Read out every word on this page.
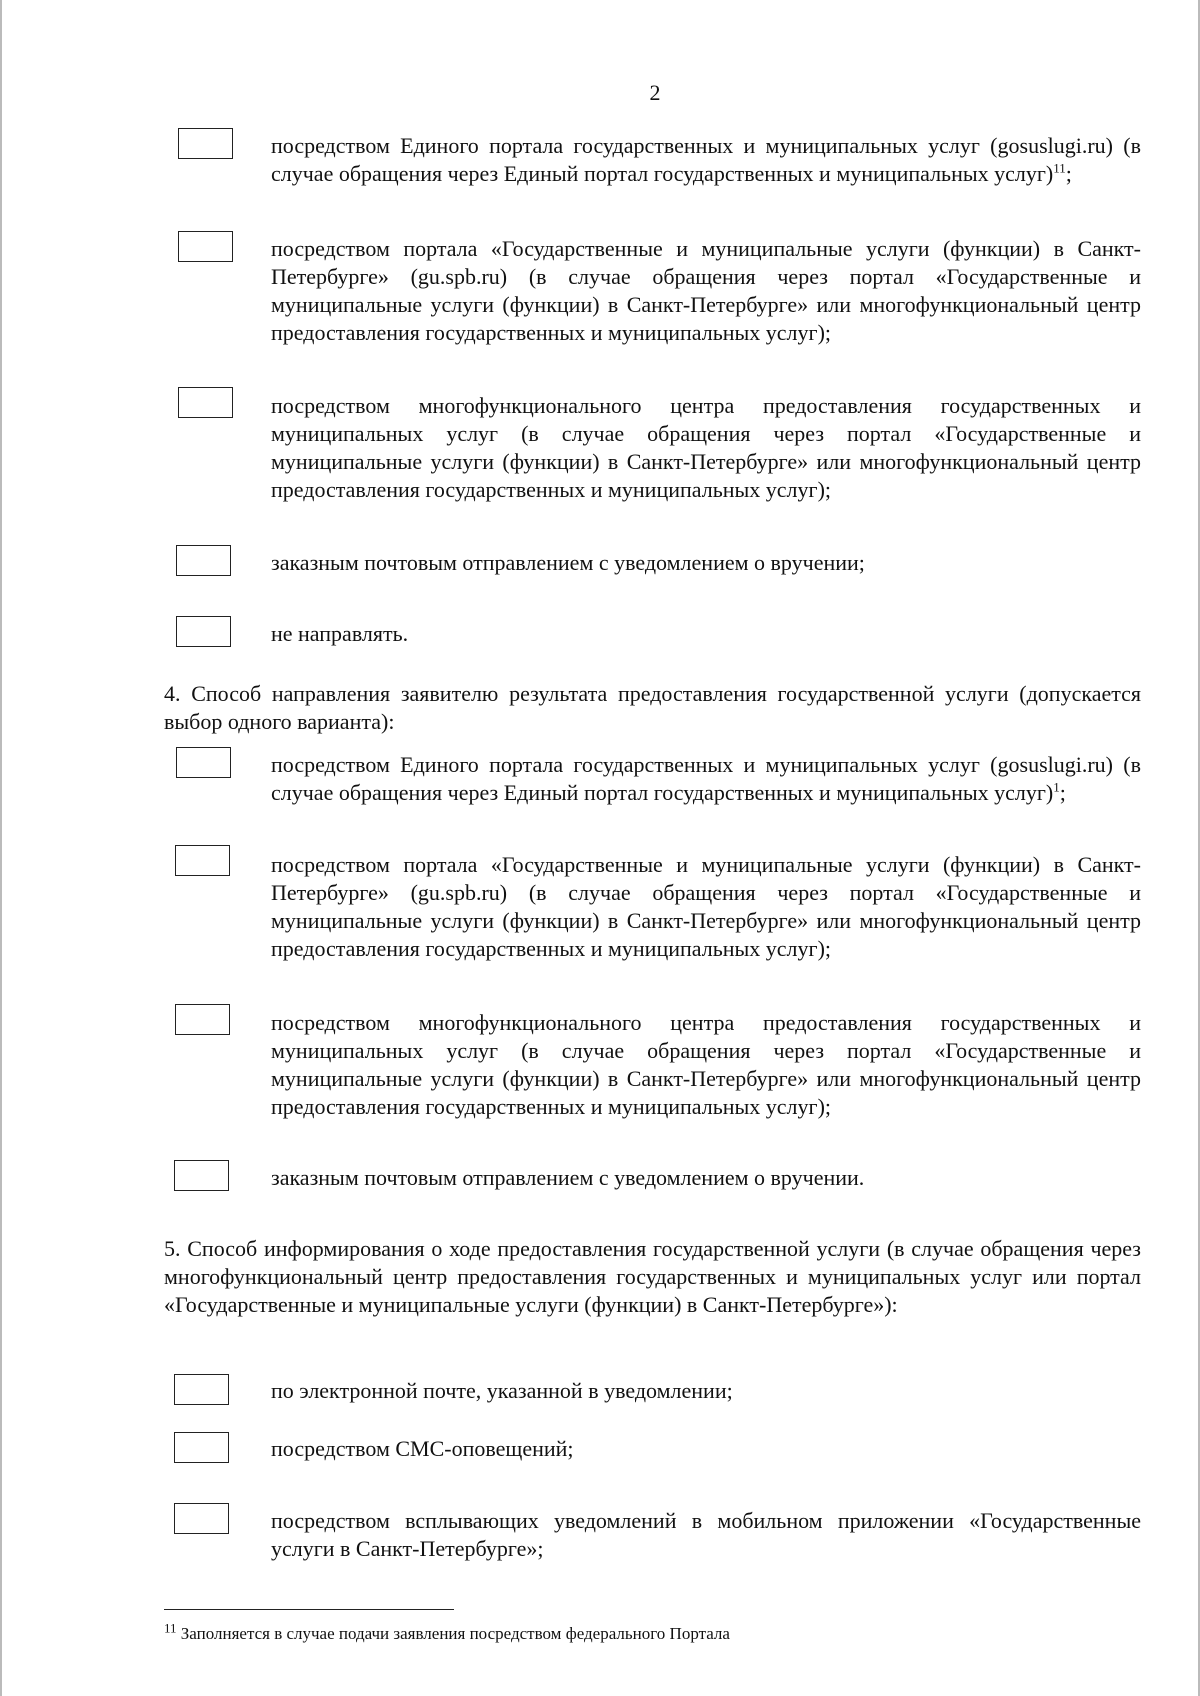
2
посредством Единого портала государственных и муниципальных услуг (gosuslugi.ru) (в случае обращения через Единый портал государственных и муниципальных услуг)$^{11}$;
посредством портала «Государственные и муниципальные услуги (функции) в Санкт-Петербурге» (gu.spb.ru) (в случае обращения через портал «Государственные и муниципальные услуги (функции) в Санкт-Петербурге» или многофункциональный центр предоставления государственных и муниципальных услуг);
посредством многофункционального центра предоставления государственных и муниципальных услуг (в случае обращения через портал «Государственные и муниципальные услуги (функции) в Санкт-Петербурге» или многофункциональный центр предоставления государственных и муниципальных услуг);
заказным почтовым отправлением с уведомлением о вручении;
не направлять.
4. Способ направления заявителю результата предоставления государственной услуги (допускается выбор одного варианта):
посредством Единого портала государственных и муниципальных услуг (gosuslugi.ru) (в случае обращения через Единый портал государственных и муниципальных услуг)$^1$;
посредством портала «Государственные и муниципальные услуги (функции) в Санкт-Петербурге» (gu.spb.ru) (в случае обращения через портал «Государственные и муниципальные услуги (функции) в Санкт-Петербурге» или многофункциональный центр предоставления государственных и муниципальных услуг);
посредством многофункционального центра предоставления государственных и муниципальных услуг (в случае обращения через портал «Государственные и муниципальные услуги (функции) в Санкт-Петербурге» или многофункциональный центр предоставления государственных и муниципальных услуг);
заказным почтовым отправлением с уведомлением о вручении.
5. Способ информирования о ходе предоставления государственной услуги (в случае обращения через многофункциональный центр предоставления государственных и муниципальных услуг или портал «Государственные и муниципальные услуги (функции) в Санкт-Петербурге»):
по электронной почте, указанной в уведомлении;
посредством СМС-оповещений;
посредством всплывающих уведомлений в мобильном приложении «Государственные услуги в Санкт-Петербурге»;
$^{11}$ Заполняется в случае подачи заявления посредством федерального Портала
